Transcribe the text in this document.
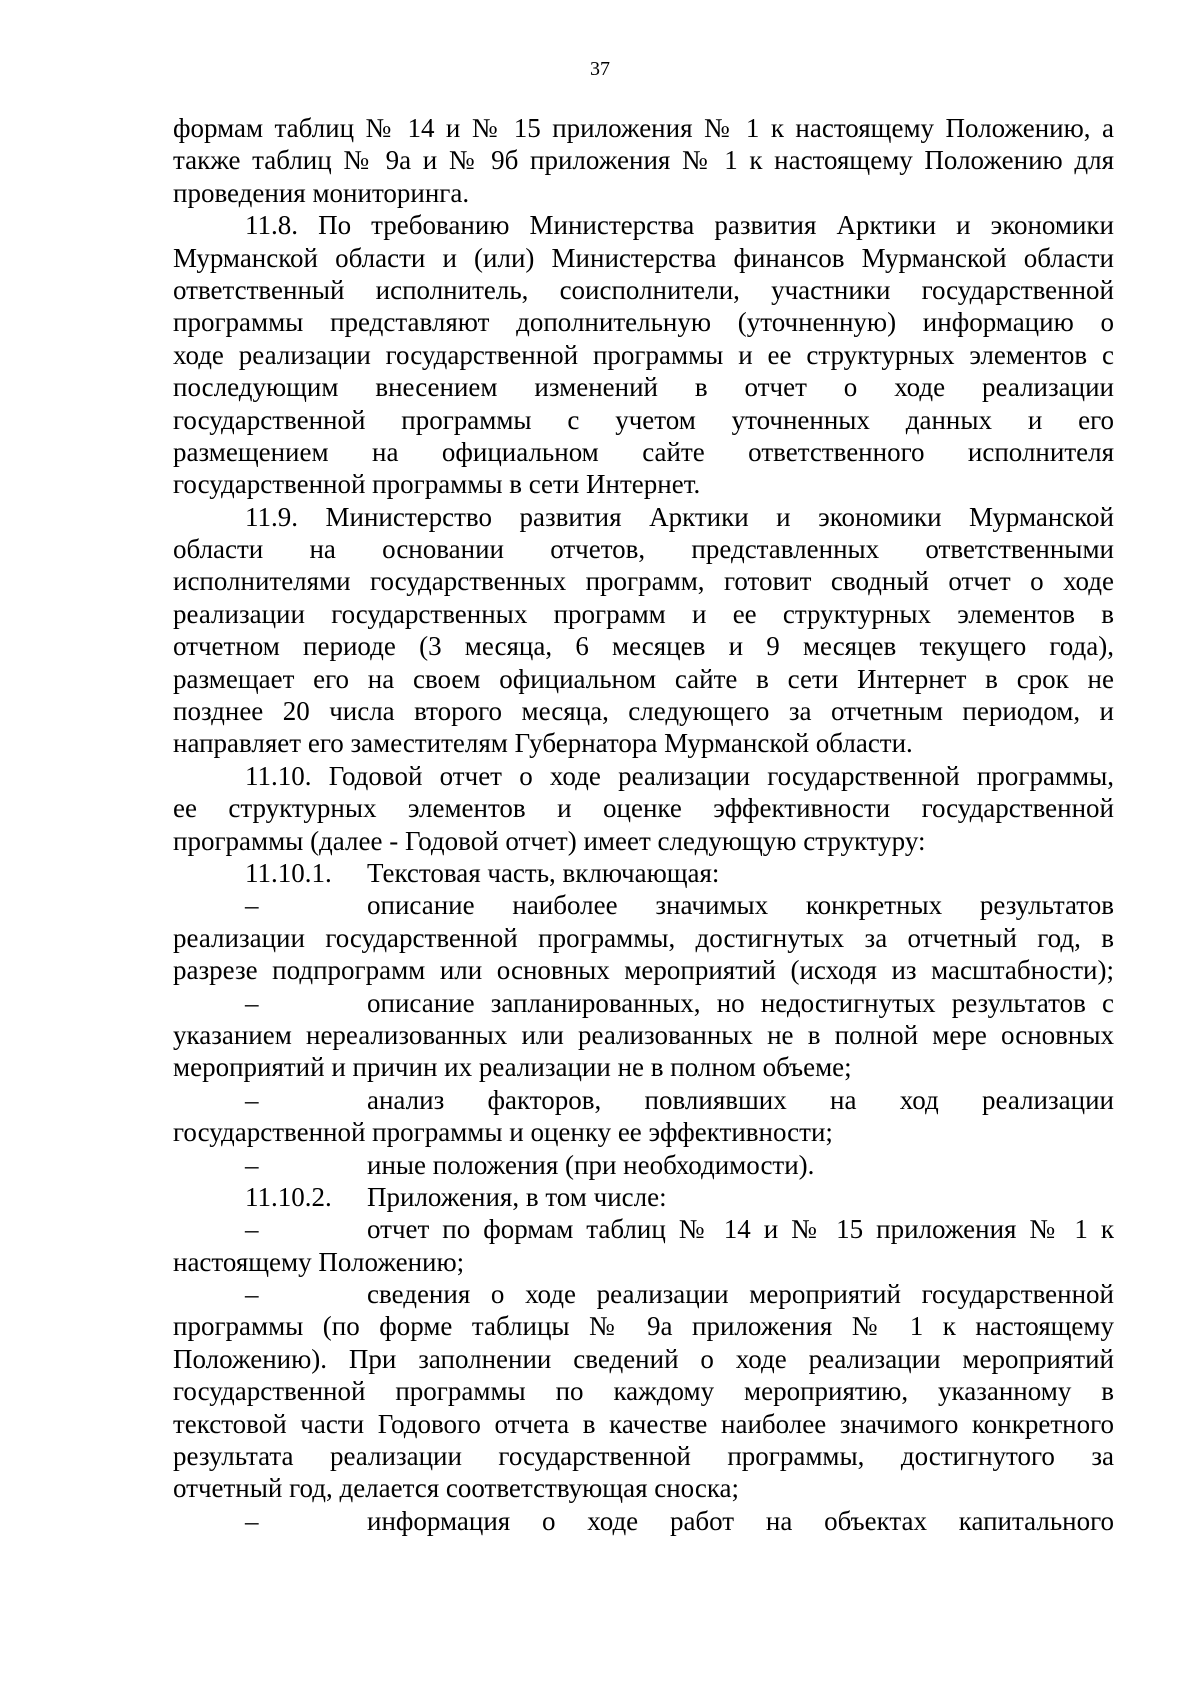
37
формам таблиц № 14 и № 15 приложения № 1 к настоящему Положению, а
также таблиц № 9а и № 9б приложения № 1 к настоящему Положению для
проведения мониторинга.
11.8. По требованию Министерства развития Арктики и экономики
Мурманской области и (или) Министерства финансов Мурманской области
ответственный исполнитель, соисполнители, участники государственной
программы представляют дополнительную (уточненную) информацию о
ходе реализации государственной программы и ее структурных элементов с
последующим внесением изменений в отчет о ходе реализации
государственной программы с учетом уточненных данных и его
размещением на официальном сайте ответственного исполнителя
государственной программы в сети Интернет.
11.9. Министерство развития Арктики и экономики Мурманской
области на основании отчетов, представленных ответственными
исполнителями государственных программ, готовит сводный отчет о ходе
реализации государственных программ и ее структурных элементов в
отчетном периоде (3 месяца, 6 месяцев и 9 месяцев текущего года),
размещает его на своем официальном сайте в сети Интернет в срок не
позднее 20 числа второго месяца, следующего за отчетным периодом, и
направляет его заместителям Губернатора Мурманской области.
11.10. Годовой отчет о ходе реализации государственной программы,
ее структурных элементов и оценке эффективности государственной
программы (далее - Годовой отчет) имеет следующую структуру:
11.10.1.	Текстовая часть, включающая:
–	описание наиболее значимых конкретных результатов
реализации государственной программы, достигнутых за отчетный год, в
разрезе подпрограмм или основных мероприятий (исходя из масштабности);
–	описание запланированных, но недостигнутых результатов с
указанием нереализованных или реализованных не в полной мере основных
мероприятий и причин их реализации не в полном объеме;
–	анализ факторов, повлиявших на ход реализации
государственной программы и оценку ее эффективности;
–	иные положения (при необходимости).
11.10.2.	Приложения, в том числе:
–	отчет по формам таблиц № 14 и № 15 приложения № 1 к
настоящему Положению;
–	сведения о ходе реализации мероприятий государственной
программы (по форме таблицы № 9а приложения № 1 к настоящему
Положению). При заполнении сведений о ходе реализации мероприятий
государственной программы по каждому мероприятию, указанному в
текстовой части Годового отчета в качестве наиболее значимого конкретного
результата реализации государственной программы, достигнутого за
отчетный год, делается соответствующая сноска;
–	информация о ходе работ на объектах капитального
